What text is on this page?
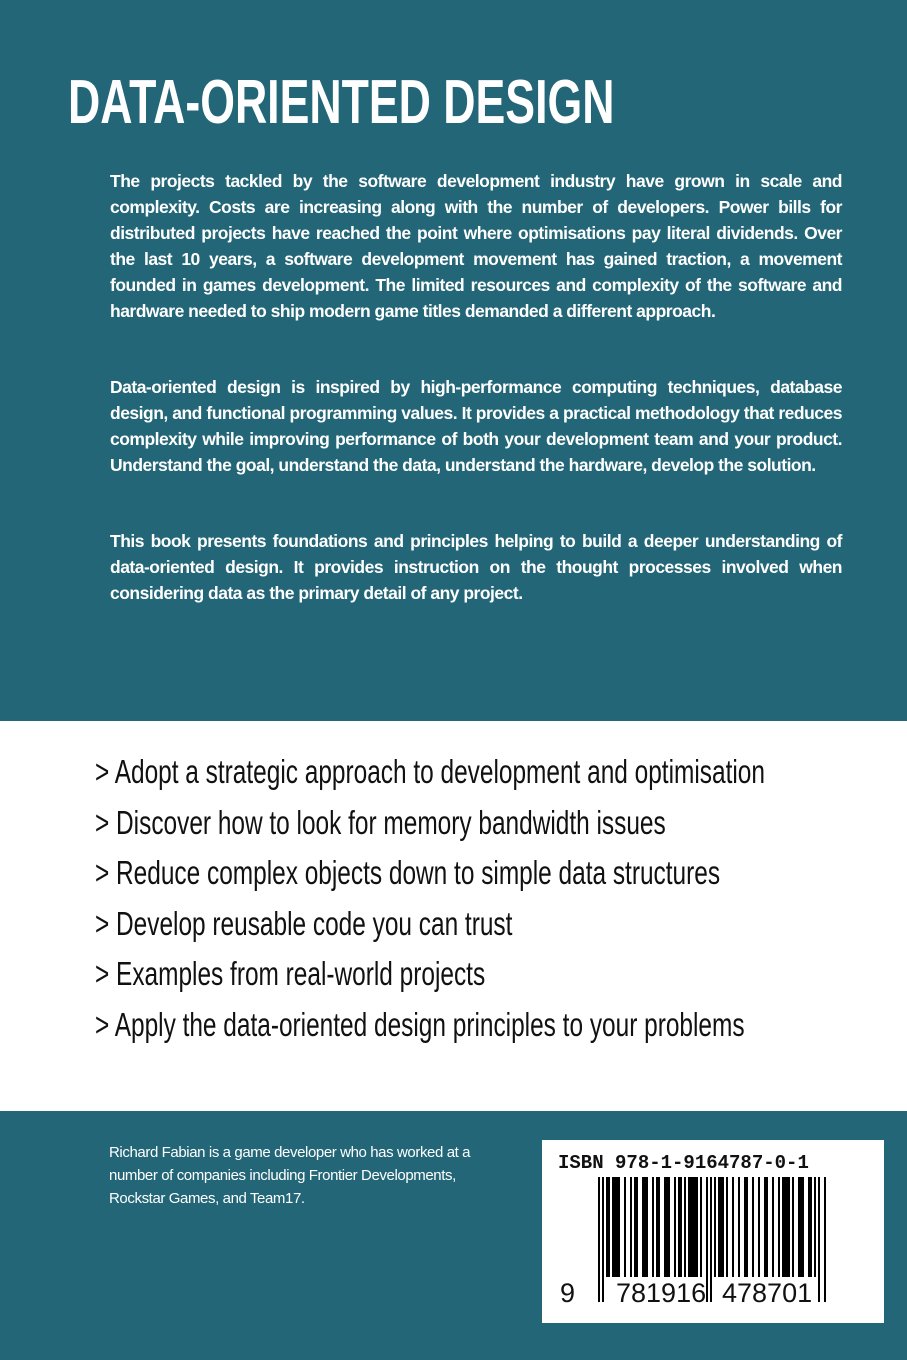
DATA-ORIENTED DESIGN

The projects tackled by the software development industry have grown in scale and complexity. Costs are increasing along with the number of developers. Power bills for distributed projects have reached the point where optimisations pay literal dividends. Over the last 10 years, a software development movement has gained traction, a movement founded in games development. The limited resources and complexity of the software and hardware needed to ship modern game titles demanded a different approach.

Data-oriented design is inspired by high-performance computing techniques, database design, and functional programming values. It provides a practical methodology that reduces complexity while improving performance of both your development team and your product. Understand the goal, understand the data, understand the hardware, develop the solution.

This book presents foundations and principles helping to build a deeper understanding of data-oriented design. It provides instruction on the thought processes involved when considering data as the primary detail of any project.

> Adopt a strategic approach to development and optimisation
> Discover how to look for memory bandwidth issues
> Reduce complex objects down to simple data structures
> Develop reusable code you can trust
> Examples from real-world projects
> Apply the data-oriented design principles to your problems

Richard Fabian is a game developer who has worked at a number of companies including Frontier Developments, Rockstar Games, and Team17.

ISBN 978-1-9164787-0-1
9 781916 478701
